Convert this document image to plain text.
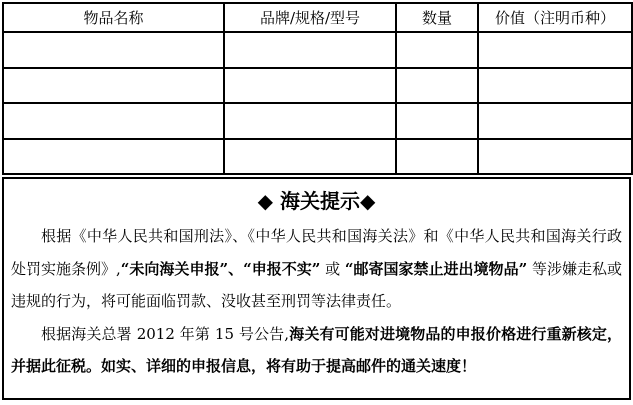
物品名称	品牌/规格/型号	数量	价值（注明币种）

◆ 海关提示◆

根据《中华人民共和国刑法》、《中华人民共和国海关法》和《中华人民共和国海关行政处罚实施条例》,“未向海关申报”、“申报不实” 或 “邮寄国家禁止进出境物品” 等涉嫌走私或违规的行为，将可能面临罚款、没收甚至刑罚等法律责任。

根据海关总署 2012 年第 15 号公告,海关有可能对进境物品的申报价格进行重新核定，并据此征税。如实、详细的申报信息，将有助于提高邮件的通关速度！
